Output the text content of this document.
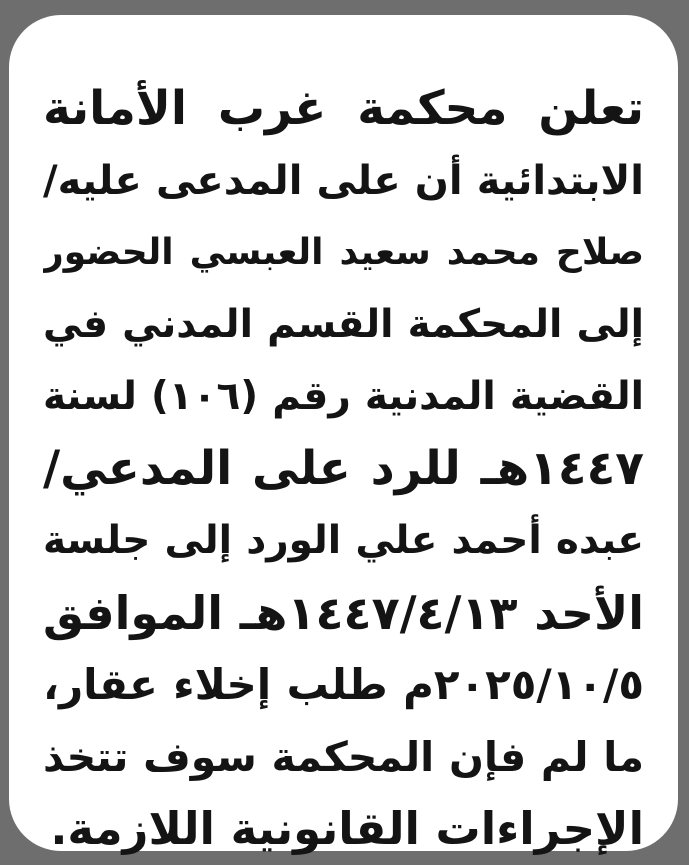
تعلن محكمة غرب الأمانة
الابتدائية أن على المدعى عليه/
صلاح محمد سعيد العبسي الحضور
إلى المحكمة القسم المدني في
القضية المدنية رقم (١٠٦) لسنة
١٤٤٧هـ للرد على المدعي/
عبده أحمد علي الورد إلى جلسة
الأحد ١٤٤٧/٤/١٣هـ الموافق
٢٠٢٥/١٠/٥م طلب إخلاء عقار،
ما لم فإن المحكمة سوف تتخذ
الإجراءات القانونية اللازمة.
